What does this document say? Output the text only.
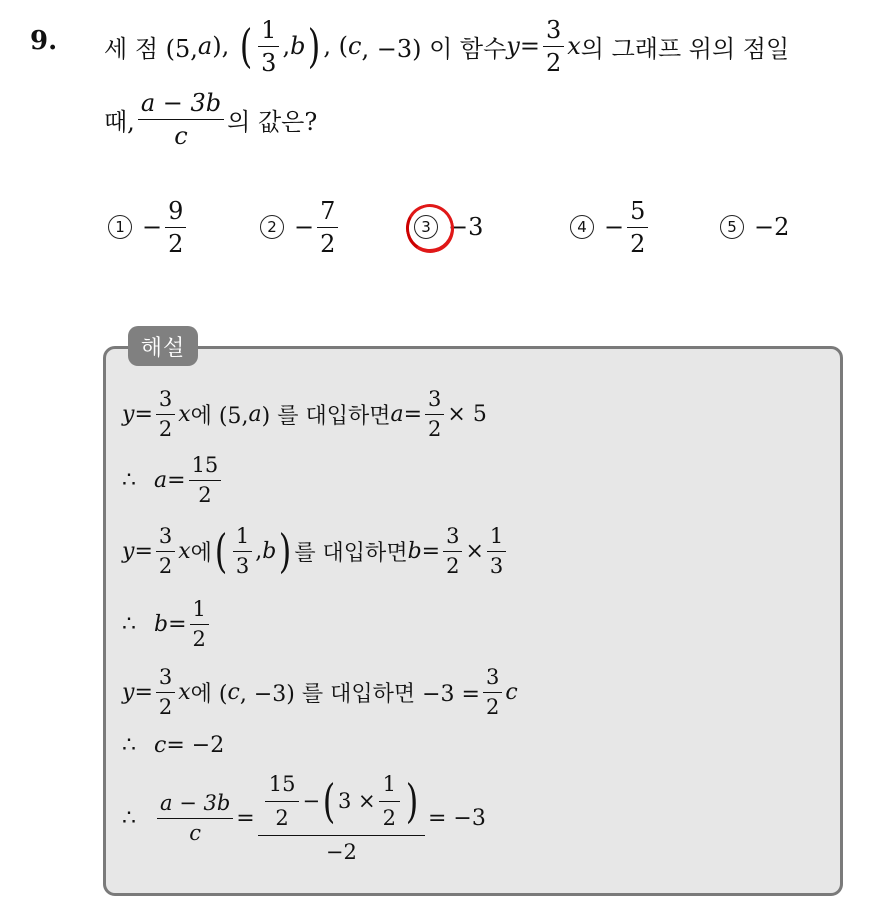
9. 세 점 (5, a ), ( $\frac{1}{3}$ , b ) , ( c , −3) 이 함수 $y = \frac{3}{2}$ x 의 그래프 위의 점일
때, $\frac{a - 3b}{c}$ 의 값은?
$1 - \frac{9}{2}$	$2 - \frac{7}{2}$	3 −3	$4 - \frac{5}{2}$	5 −2
해설
$y = \frac{3}{2}$ x 에 (5, a ) 를 대입하면 $a = \frac{3}{2} \times 5$
∴ $a = \frac{15}{2}$
$y = \frac{3}{2}$ x 에 ( $\frac{1}{3}$ , b ) 를 대입하면 $b = \frac{3}{2} \times \frac{1}{3}$
∴ $b = \frac{1}{2}$
$y = \frac{3}{2}$ x 에 ( c , −3) 를 대입하면 $-3 = \frac{3}{2}$ c
∴ c = −2
∴ $\frac{a - 3b}{c} = \frac{15}{2}$ − ( $3 \times \frac{1}{2}$ )
−2
= −3
